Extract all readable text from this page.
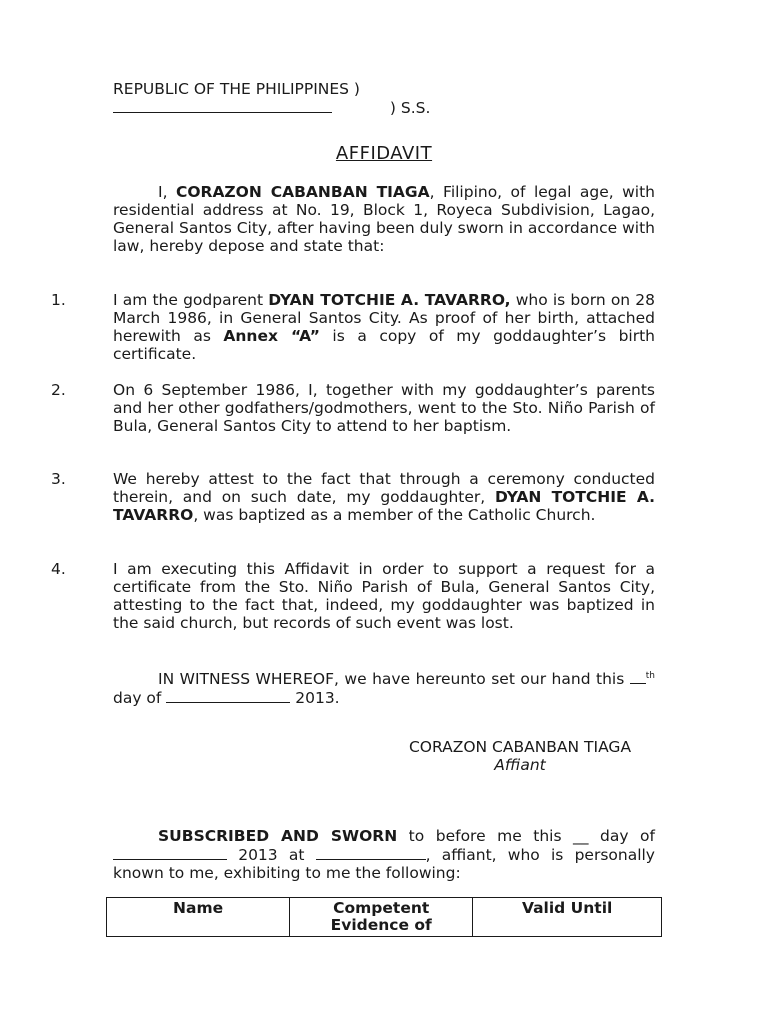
REPUBLIC OF THE PHILIPPINES )
) S.S.
AFFIDAVIT
I, CORAZON CABANBAN TIAGA, Filipino, of legal age, with residential address at No. 19, Block 1, Royeca Subdivision, Lagao, General Santos City, after having been duly sworn in accordance with law, hereby depose and state that:
1.	I am the godparent DYAN TOTCHIE A. TAVARRO, who is born on 28 March 1986, in General Santos City. As proof of her birth, attached herewith as Annex “A” is a copy of my goddaughter’s birth certificate.
2.	On 6 September 1986, I, together with my goddaughter’s parents and her other godfathers/godmothers, went to the Sto. Niño Parish of Bula, General Santos City to attend to her baptism.
3.	We hereby attest to the fact that through a ceremony conducted therein, and on such date, my goddaughter, DYAN TOTCHIE A. TAVARRO, was baptized as a member of the Catholic Church.
4.	I am executing this Affidavit in order to support a request for a certificate from the Sto. Niño Parish of Bula, General Santos City, attesting to the fact that, indeed, my goddaughter was baptized in the said church, but records of such event was lost.
IN WITNESS WHEREOF, we have hereunto set our hand this $^{th}$ day of	2013.
CORAZON CABANBAN TIAGA
Affiant
SUBSCRIBED AND SWORN to before me this __ day of  2013 at	, affiant, who is personally known to me, exhibiting to me the following:
Name	Competent Evidence of	Valid Until
